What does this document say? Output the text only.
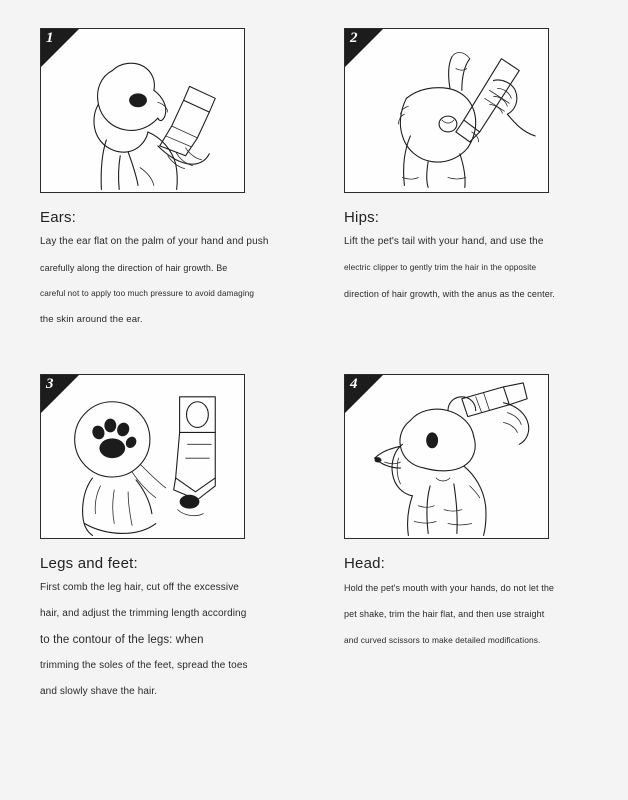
1
Ears:

Lay the ear flat on the palm of your hand and push

carefully along the direction of hair growth. Be

careful not to apply too much pressure to avoid damaging

the skin around the ear.

2
Hips:

Lift the pet's tail with your hand, and use the

electric clipper to gently trim the hair in the opposite

direction of hair growth, with the anus as the center.

3
Legs and feet:

First comb the leg hair, cut off the excessive

hair, and adjust the trimming length according

to the contour of the legs: when

trimming the soles of the feet, spread the toes

and slowly shave the hair.

4
Head:

Hold the pet's mouth with your hands, do not let the

pet shake, trim the hair flat, and then use straight

and curved scissors to make detailed modifications.
